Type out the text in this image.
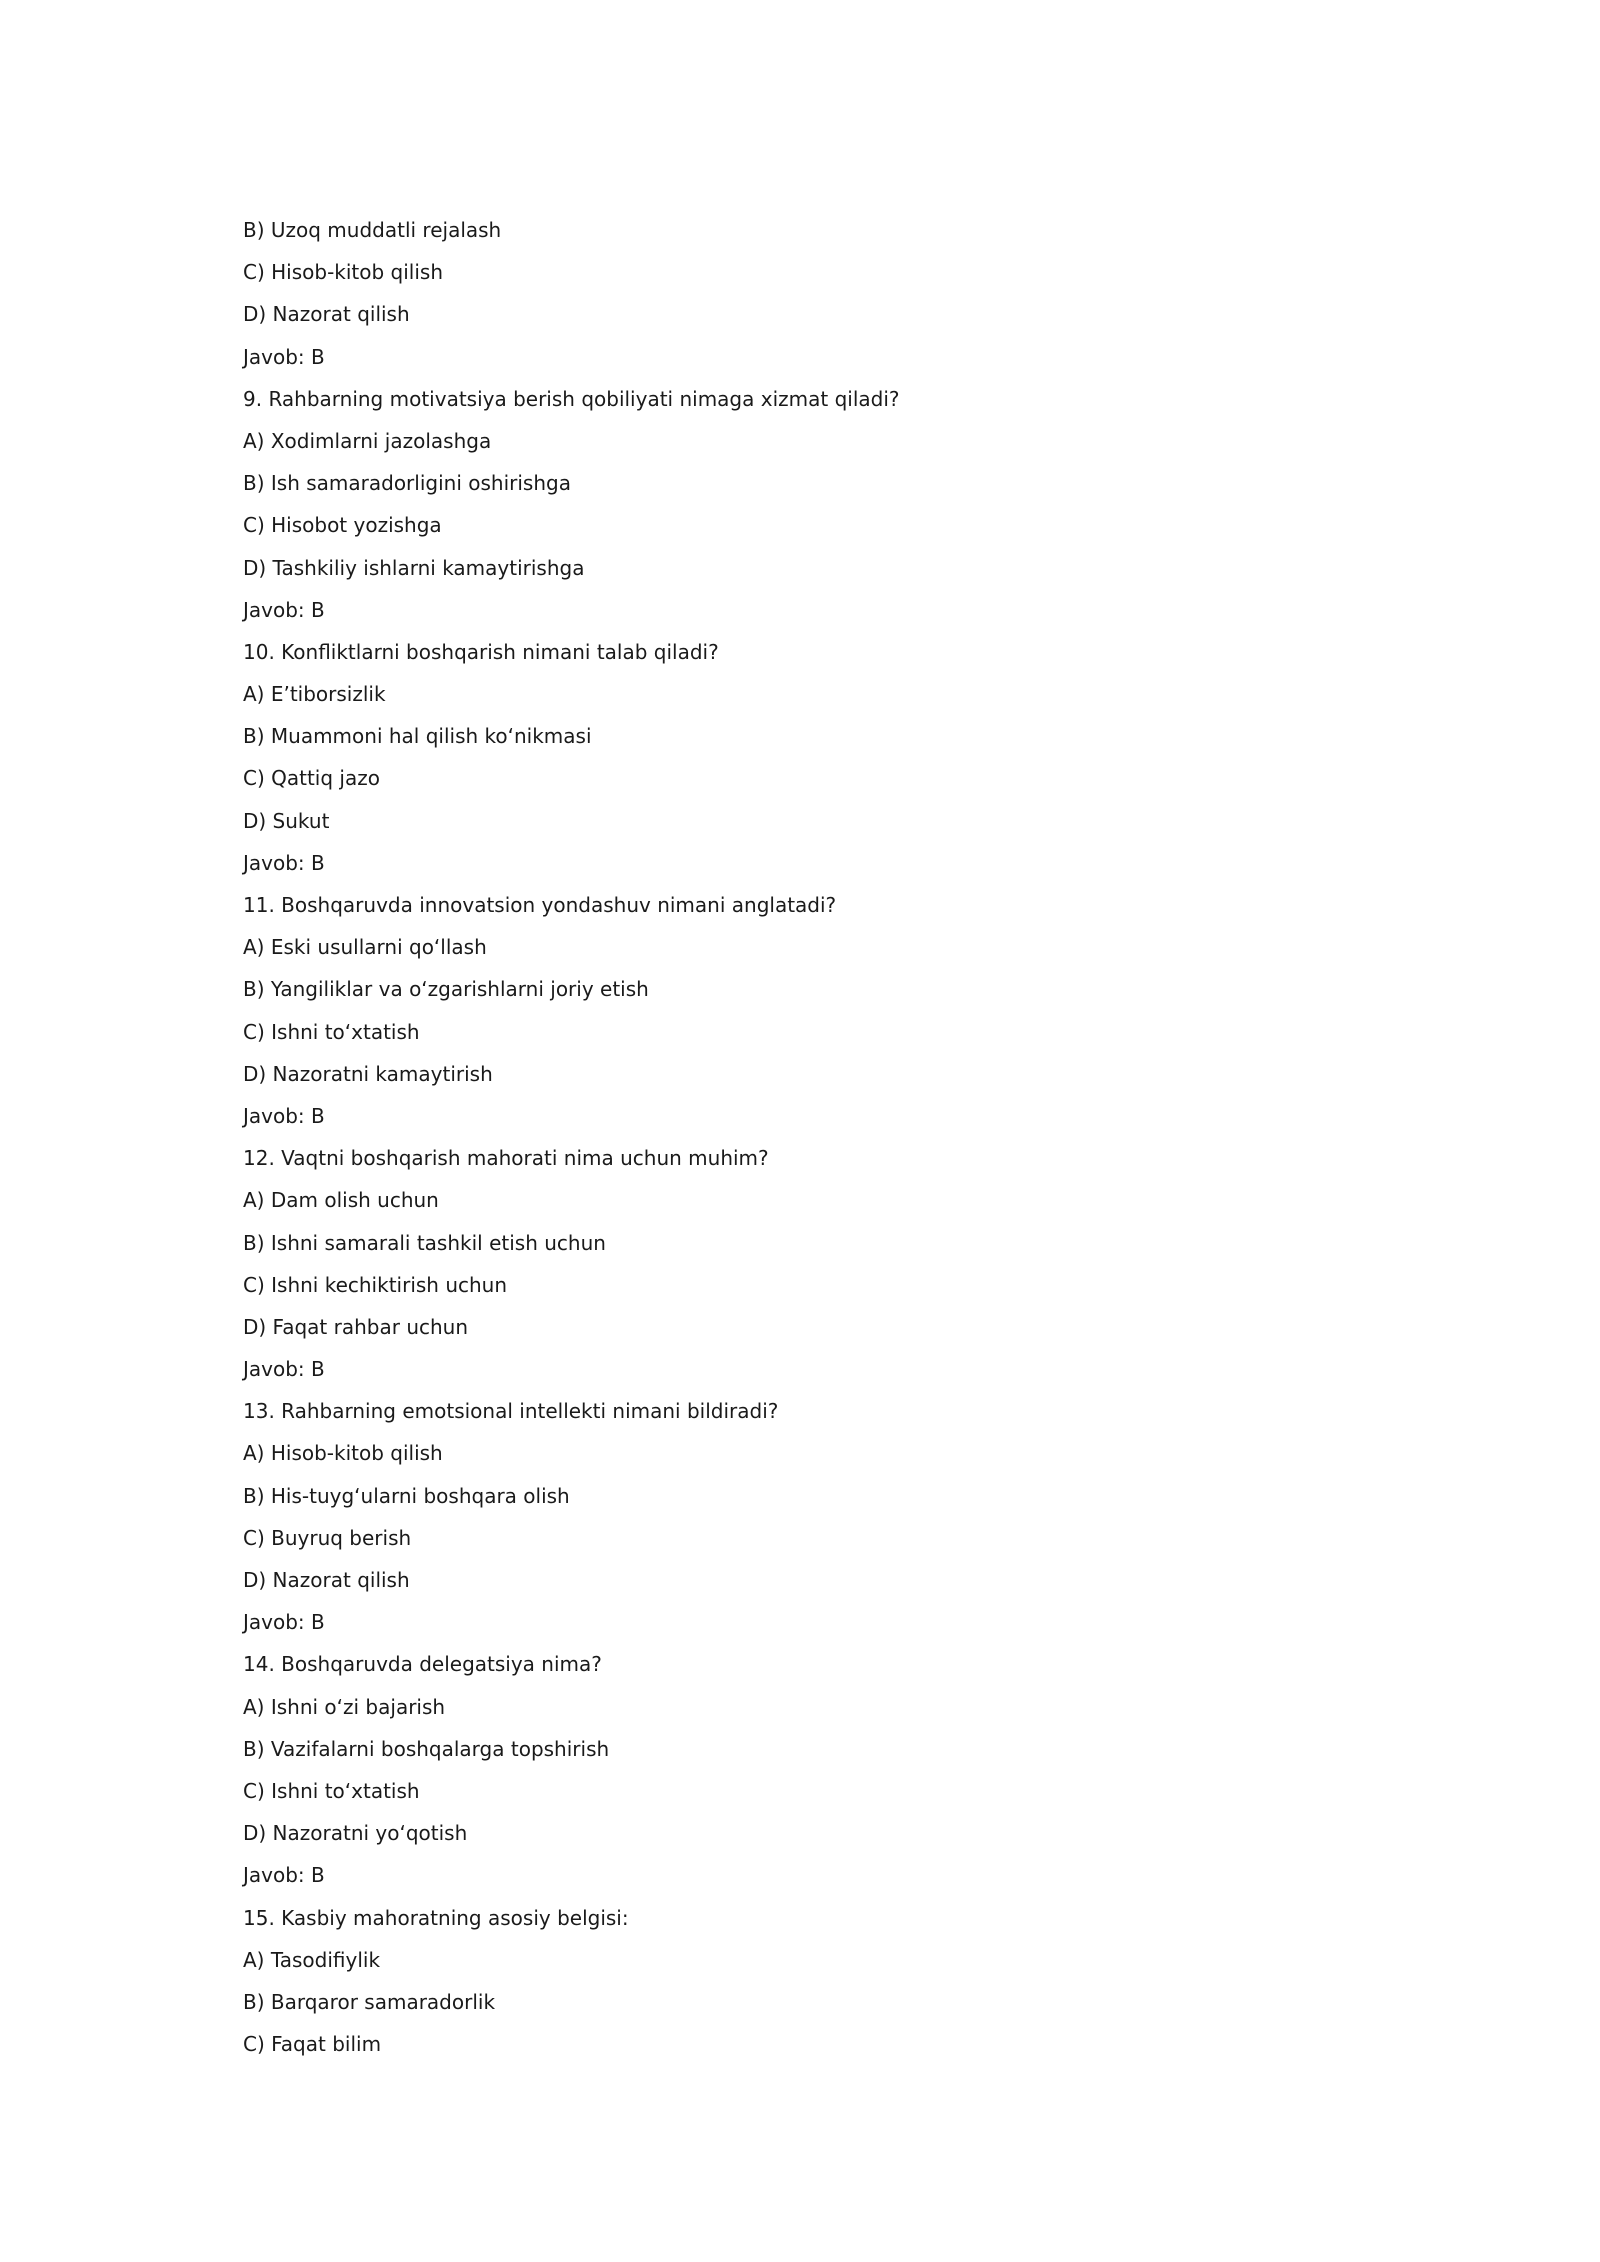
B) Uzoq muddatli rejalash
C) Hisob-kitob qilish
D) Nazorat qilish
Javob: B
9. Rahbarning motivatsiya berish qobiliyati nimaga xizmat qiladi?
A) Xodimlarni jazolashga
B) Ish samaradorligini oshirishga
C) Hisobot yozishga
D) Tashkiliy ishlarni kamaytirishga
Javob: B
10. Konfliktlarni boshqarish nimani talab qiladi?
A) E’tiborsizlik
B) Muammoni hal qilish ko‘nikmasi
C) Qattiq jazo
D) Sukut
Javob: B
11. Boshqaruvda innovatsion yondashuv nimani anglatadi?
A) Eski usullarni qo‘llash
B) Yangiliklar va o‘zgarishlarni joriy etish
C) Ishni to‘xtatish
D) Nazoratni kamaytirish
Javob: B
12. Vaqtni boshqarish mahorati nima uchun muhim?
A) Dam olish uchun
B) Ishni samarali tashkil etish uchun
C) Ishni kechiktirish uchun
D) Faqat rahbar uchun
Javob: B
13. Rahbarning emotsional intellekti nimani bildiradi?
A) Hisob-kitob qilish
B) His-tuyg‘ularni boshqara olish
C) Buyruq berish
D) Nazorat qilish
Javob: B
14. Boshqaruvda delegatsiya nima?
A) Ishni o‘zi bajarish
B) Vazifalarni boshqalarga topshirish
C) Ishni to‘xtatish
D) Nazoratni yo‘qotish
Javob: B
15. Kasbiy mahoratning asosiy belgisi:
A) Tasodifiylik
B) Barqaror samaradorlik
C) Faqat bilim
